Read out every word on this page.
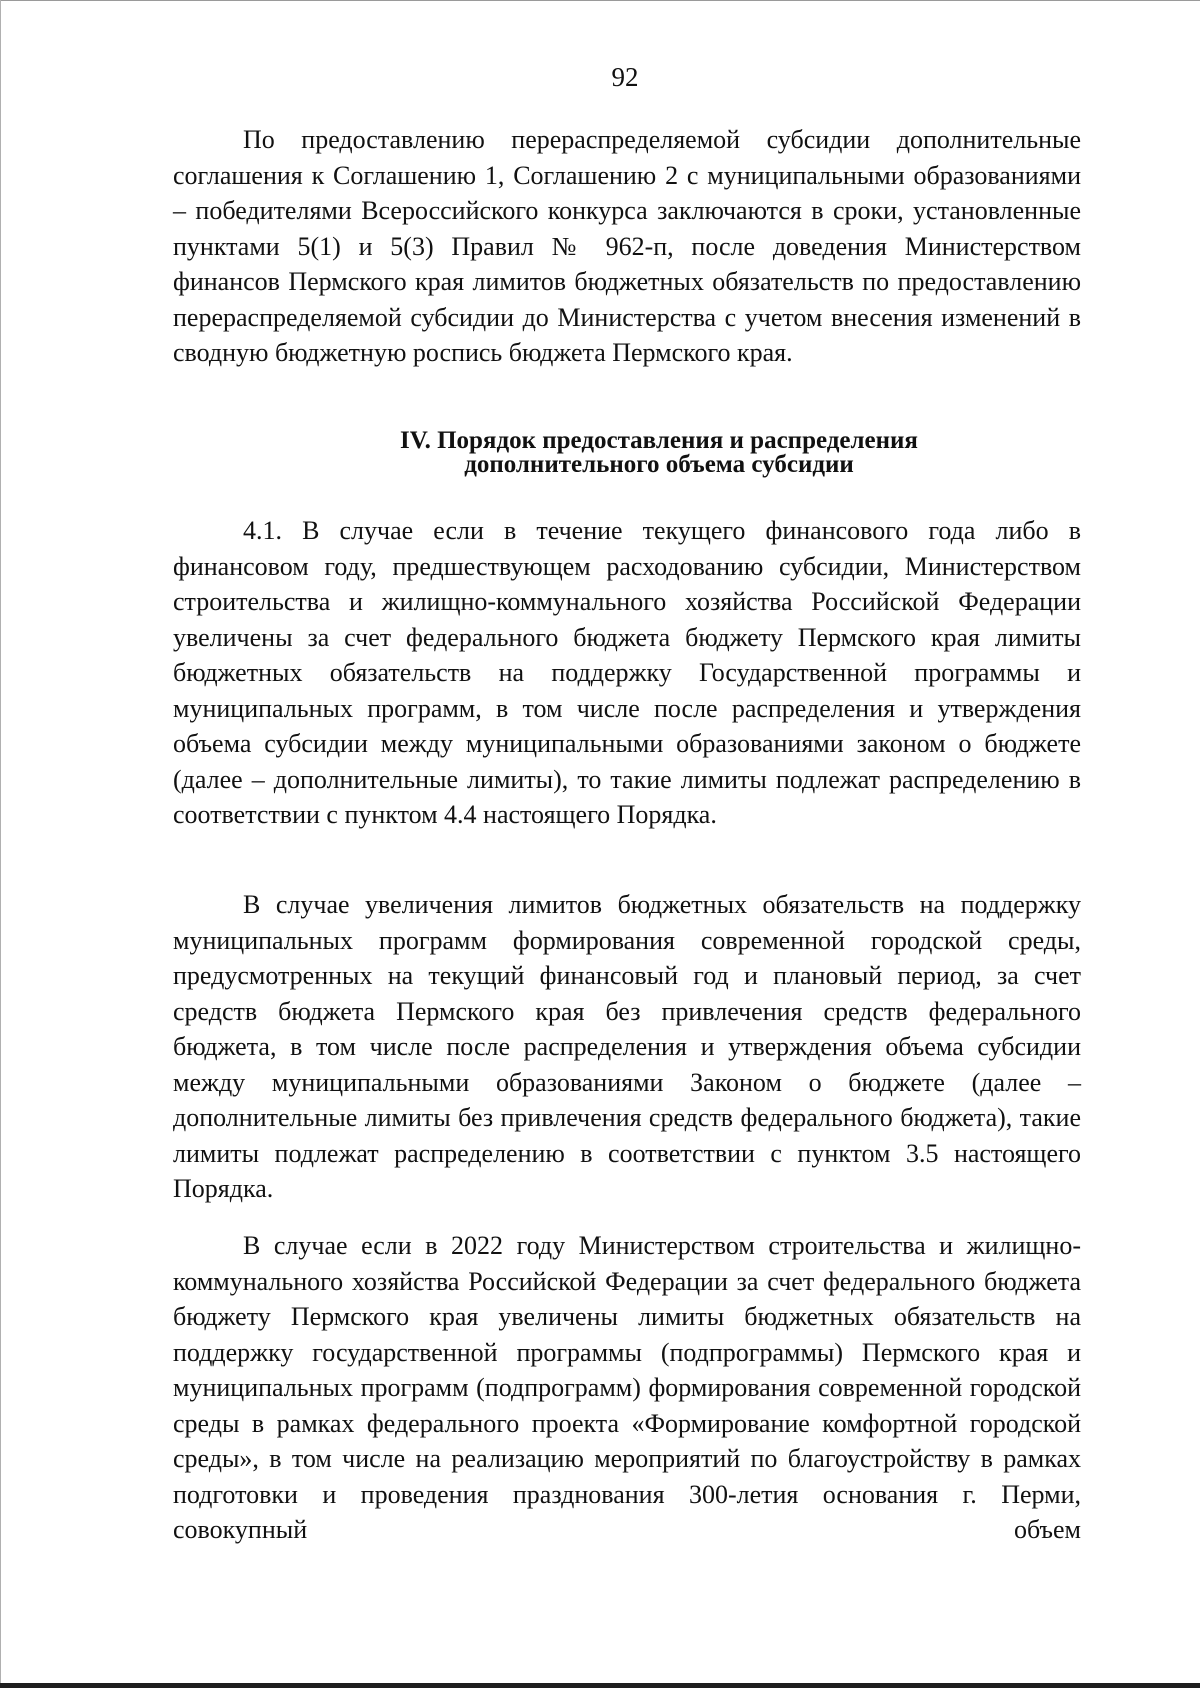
92

По предоставлению перераспределяемой субсидии дополнительные соглашения к Соглашению 1, Соглашению 2 с муниципальными образованиями – победителями Всероссийского конкурса заключаются в сроки, установленные пунктами 5(1) и 5(3) Правил № 962-п, после доведения Министерством финансов Пермского края лимитов бюджетных обязательств по предоставлению перераспределяемой субсидии до Министерства с учетом внесения изменений в сводную бюджетную роспись бюджета Пермского края.

IV. Порядок предоставления и распределения
дополнительного объема субсидии

4.1. В случае если в течение текущего финансового года либо в финансовом году, предшествующем расходованию субсидии, Министерством строительства и жилищно-коммунального хозяйства Российской Федерации увеличены за счет федерального бюджета бюджету Пермского края лимиты бюджетных обязательств на поддержку Государственной программы и муниципальных программ, в том числе после распределения и утверждения объема субсидии между муниципальными образованиями законом о бюджете (далее – дополнительные лимиты), то такие лимиты подлежат распределению в соответствии с пунктом 4.4 настоящего Порядка.

В случае увеличения лимитов бюджетных обязательств на поддержку муниципальных программ формирования современной городской среды, предусмотренных на текущий финансовый год и плановый период, за счет средств бюджета Пермского края без привлечения средств федерального бюджета, в том числе после распределения и утверждения объема субсидии между муниципальными образованиями Законом о бюджете (далее – дополнительные лимиты без привлечения средств федерального бюджета), такие лимиты подлежат распределению в соответствии с пунктом 3.5 настоящего Порядка.

В случае если в 2022 году Министерством строительства и жилищно-коммунального хозяйства Российской Федерации за счет федерального бюджета бюджету Пермского края увеличены лимиты бюджетных обязательств на поддержку государственной программы (подпрограммы) Пермского края и муниципальных программ (подпрограмм) формирования современной городской среды в рамках федерального проекта «Формирование комфортной городской среды», в том числе на реализацию мероприятий по благоустройству в рамках подготовки и проведения празднования 300-летия основания г. Перми, совокупный объем
